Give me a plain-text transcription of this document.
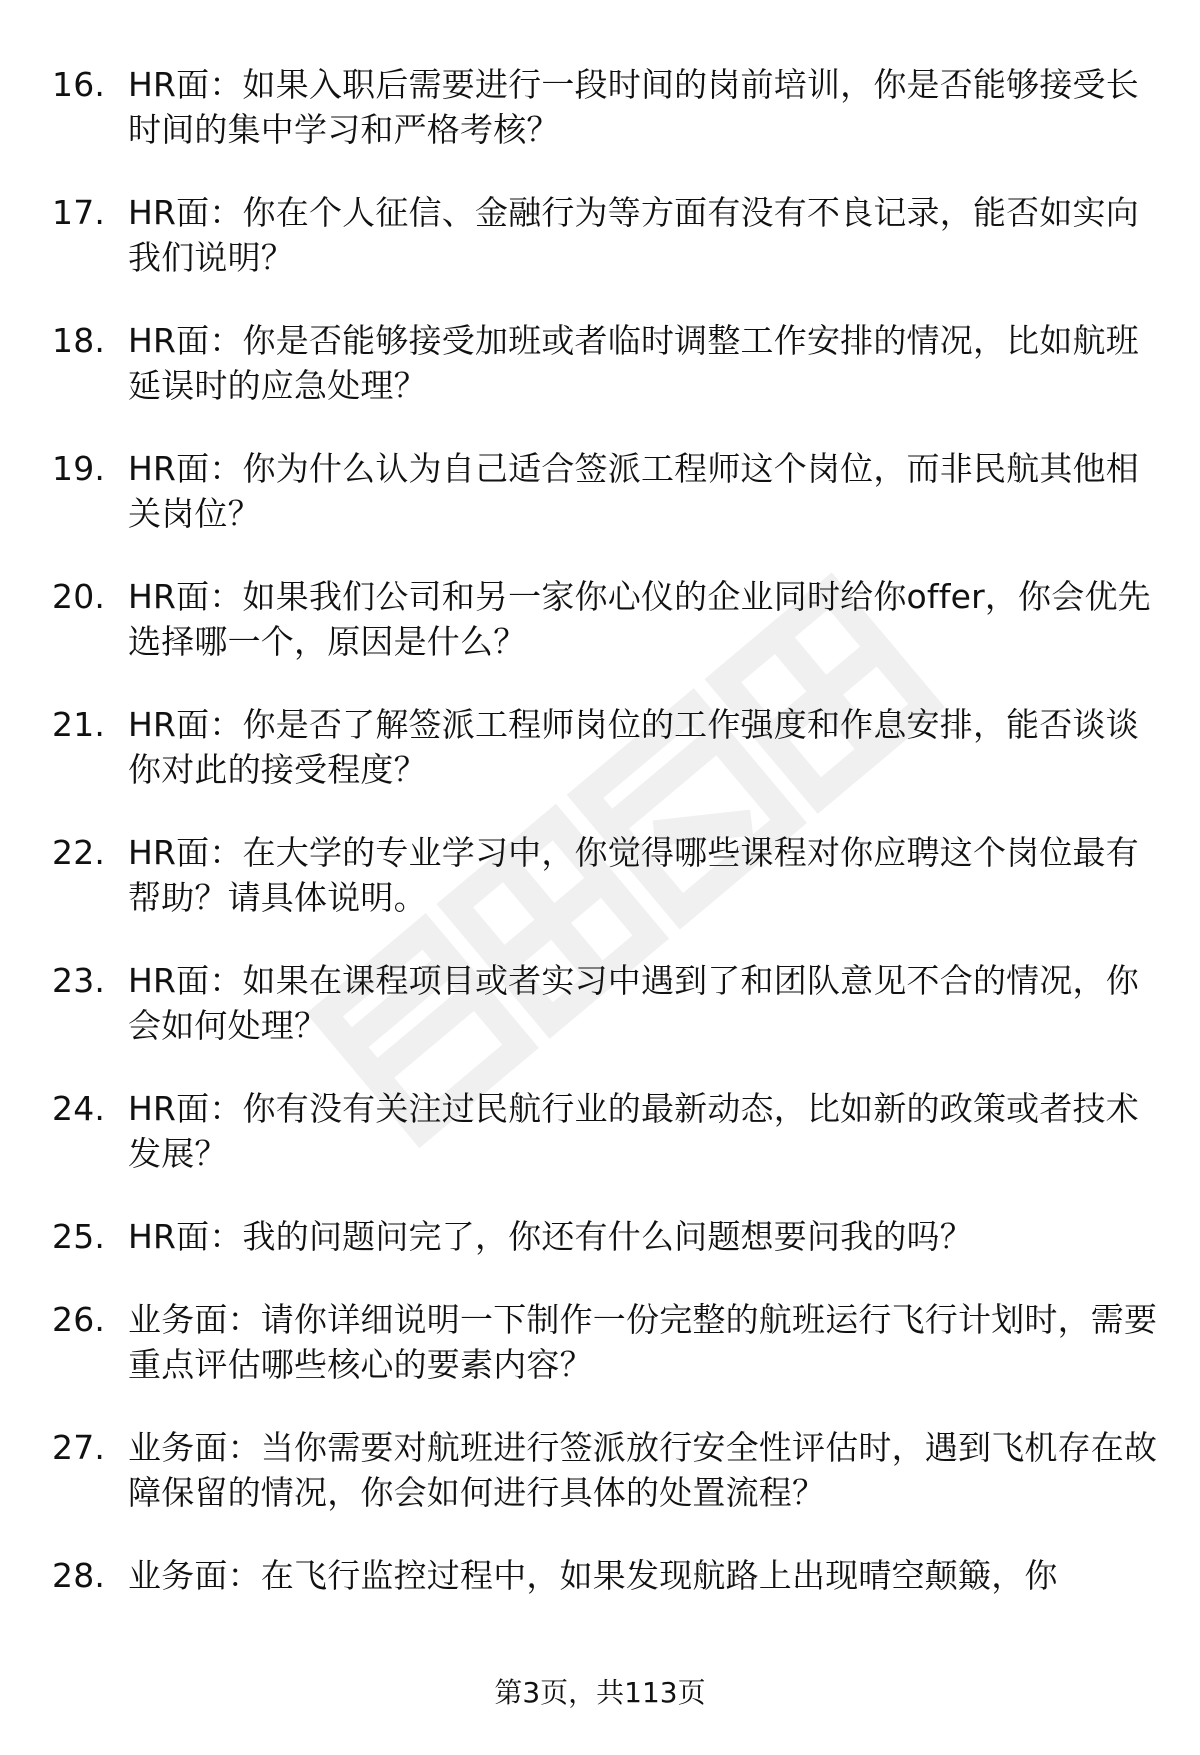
16. HR面：如果入职后需要进行一段时间的岗前培训，你是否能够接受长时间的集中学习和严格考核？
17. HR面：你在个人征信、金融行为等方面有没有不良记录，能否如实向我们说明？
18. HR面：你是否能够接受加班或者临时调整工作安排的情况，比如航班延误时的应急处理？
19. HR面：你为什么认为自己适合签派工程师这个岗位，而非民航其他相关岗位？
20. HR面：如果我们公司和另一家你心仪的企业同时给你offer，你会优先选择哪一个，原因是什么？
21. HR面：你是否了解签派工程师岗位的工作强度和作息安排，能否谈谈你对此的接受程度？
22. HR面：在大学的专业学习中，你觉得哪些课程对你应聘这个岗位最有帮助？请具体说明。
23. HR面：如果在课程项目或者实习中遇到了和团队意见不合的情况，你会如何处理？
24. HR面：你有没有关注过民航行业的最新动态，比如新的政策或者技术发展？
25. HR面：我的问题问完了，你还有什么问题想要问我的吗？
26. 业务面：请你详细说明一下制作一份完整的航班运行飞行计划时，需要重点评估哪些核心的要素内容？
27. 业务面：当你需要对航班进行签派放行安全性评估时，遇到飞机存在故障保留的情况，你会如何进行具体的处置流程？
28. 业务面：在飞行监控过程中，如果发现航路上出现晴空颠簸，你
第3页，共113页
